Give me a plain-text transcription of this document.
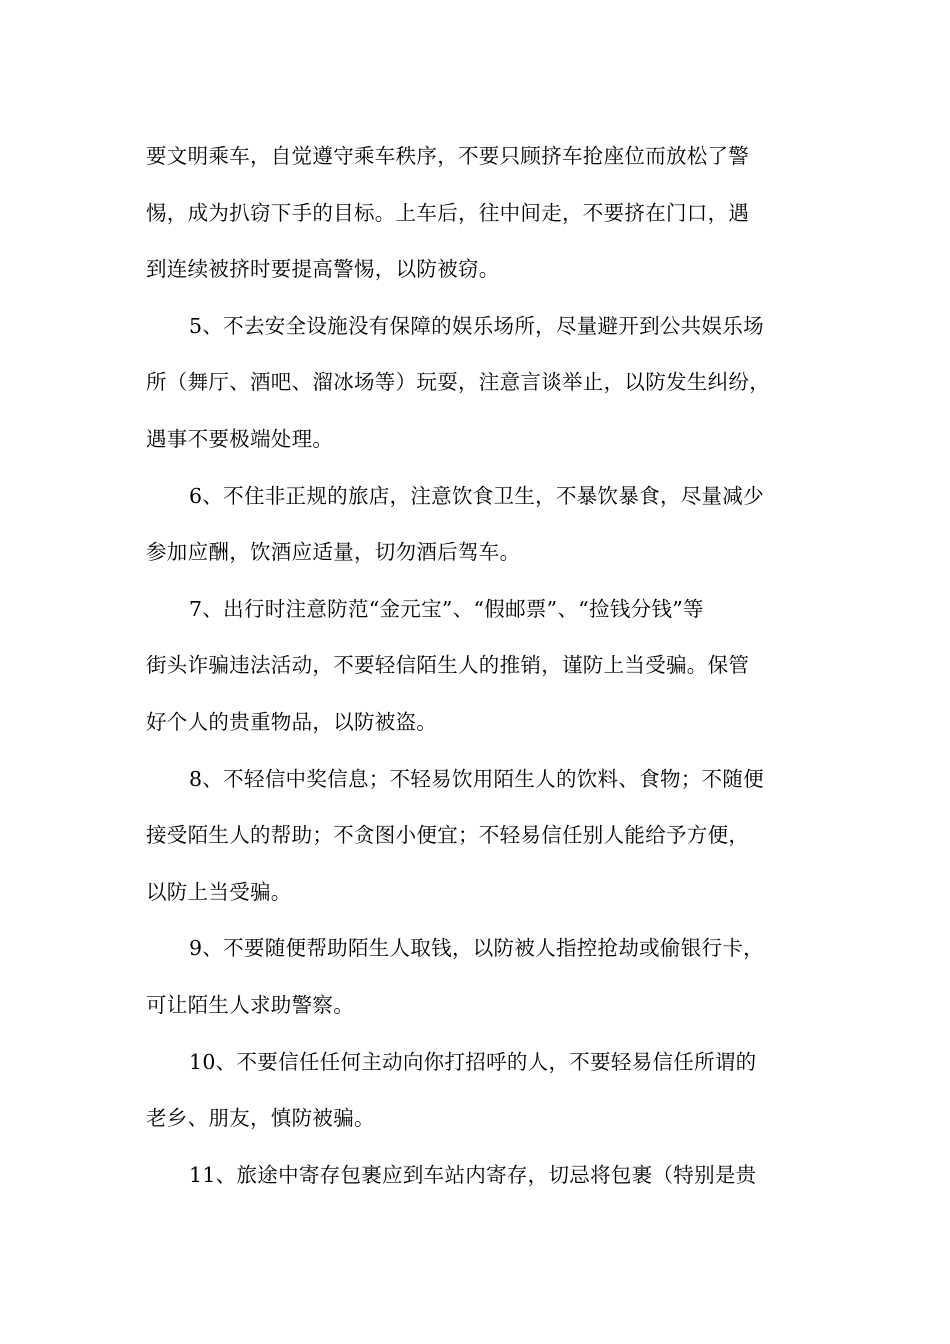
要文明乘车，自觉遵守乘车秩序，不要只顾挤车抢座位而放松了警
惕，成为扒窃下手的目标。上车后，往中间走，不要挤在门口，遇
到连续被挤时要提高警惕，以防被窃。
5、不去安全设施没有保障的娱乐场所，尽量避开到公共娱乐场
所（舞厅、酒吧、溜冰场等）玩耍，注意言谈举止，以防发生纠纷，
遇事不要极端处理。
6、不住非正规的旅店，注意饮食卫生，不暴饮暴食，尽量减少
参加应酬，饮酒应适量，切勿酒后驾车。
7、出行时注意防范“金元宝”、“假邮票”、“捡钱分钱”等
街头诈骗违法活动，不要轻信陌生人的推销，谨防上当受骗。保管
好个人的贵重物品，以防被盗。
8、不轻信中奖信息；不轻易饮用陌生人的饮料、食物；不随便
接受陌生人的帮助；不贪图小便宜；不轻易信任别人能给予方便，
以防上当受骗。
9、不要随便帮助陌生人取钱，以防被人指控抢劫或偷银行卡，
可让陌生人求助警察。
10、不要信任任何主动向你打招呼的人，不要轻易信任所谓的
老乡、朋友，慎防被骗。
11、旅途中寄存包裹应到车站内寄存，切忌将包裹（特别是贵
